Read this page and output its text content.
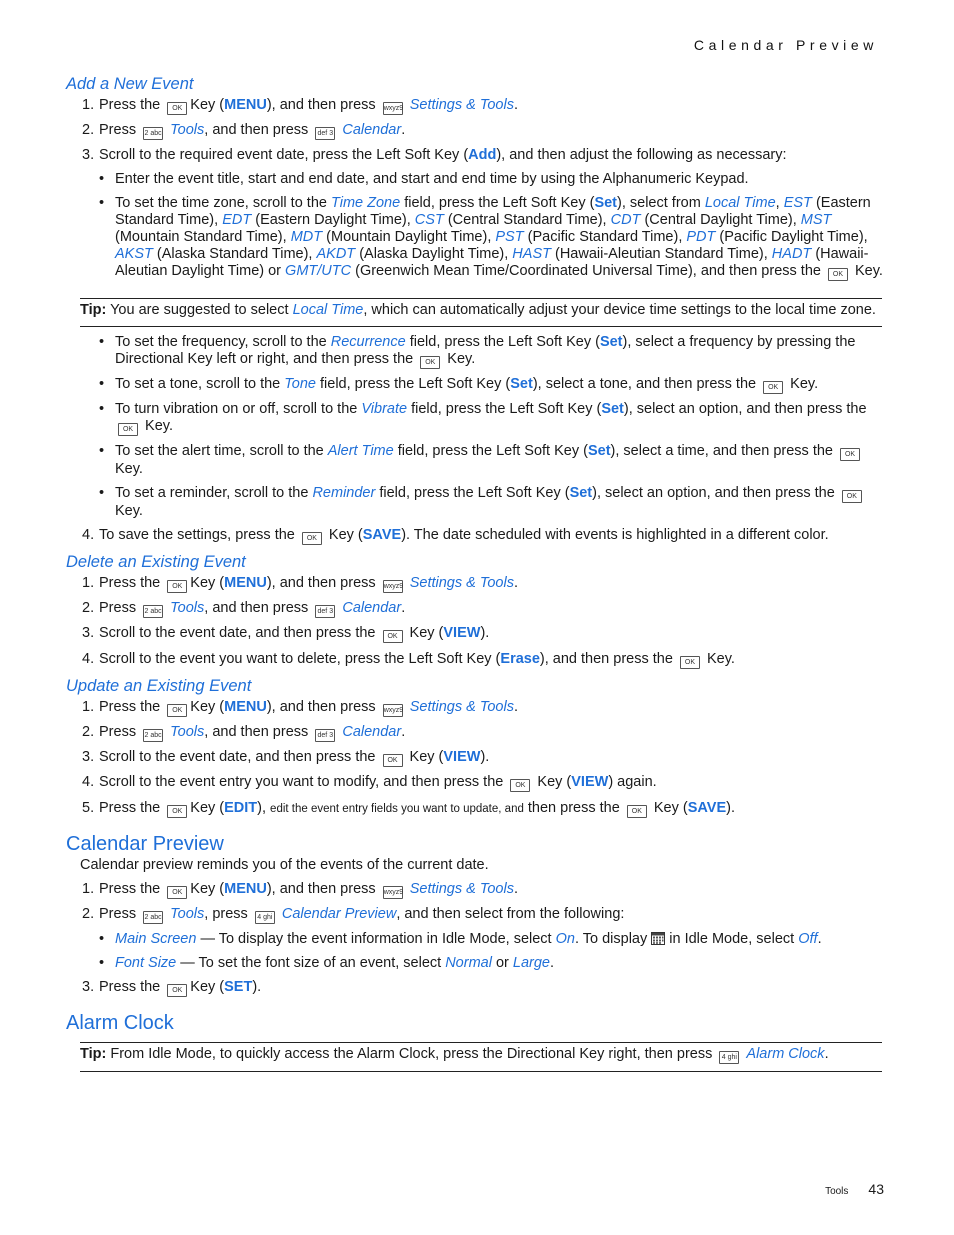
Calendar Preview

Add a New Event

1. Press the OK Key (MENU), and then press wxyz9 Settings & Tools.

2. Press 2 abc Tools, and then press def 3 Calendar.

3. Scroll to the required event date, press the Left Soft Key (Add), and then adjust the following as necessary:

• Enter the event title, start and end date, and start and end time by using the Alphanumeric Keypad.

• To set the time zone, scroll to the Time Zone field, press the Left Soft Key (Set), select from Local Time, EST (Eastern Standard Time), EDT (Eastern Daylight Time), CST (Central Standard Time), CDT (Central Daylight Time), MST (Mountain Standard Time), MDT (Mountain Daylight Time), PST (Pacific Standard Time), PDT (Pacific Daylight Time), AKST (Alaska Standard Time), AKDT (Alaska Daylight Time), HAST (Hawaii-Aleutian Standard Time), HADT (Hawaii-Aleutian Daylight Time) or GMT/UTC (Greenwich Mean Time/Coordinated Universal Time), and then press the OK Key.

Tip: You are suggested to select Local Time, which can automatically adjust your device time settings to the local time zone.

• To set the frequency, scroll to the Recurrence field, press the Left Soft Key (Set), select a frequency by pressing the Directional Key left or right, and then press the OK Key.

• To set a tone, scroll to the Tone field, press the Left Soft Key (Set), select a tone, and then press the OK Key.

• To turn vibration on or off, scroll to the Vibrate field, press the Left Soft Key (Set), select an option, and then press the OK Key.

• To set the alert time, scroll to the Alert Time field, press the Left Soft Key (Set), select a time, and then press the OK Key.

• To set a reminder, scroll to the Reminder field, press the Left Soft Key (Set), select an option, and then press the OK Key.

4. To save the settings, press the OK Key (SAVE). The date scheduled with events is highlighted in a different color.

Delete an Existing Event

1. Press the OK Key (MENU), and then press wxyz9 Settings & Tools.

2. Press 2 abc Tools, and then press def 3 Calendar.

3. Scroll to the event date, and then press the OK Key (VIEW).

4. Scroll to the event you want to delete, press the Left Soft Key (Erase), and then press the OK Key.

Update an Existing Event

1. Press the OK Key (MENU), and then press wxyz9 Settings & Tools.

2. Press 2 abc Tools, and then press def 3 Calendar.

3. Scroll to the event date, and then press the OK Key (VIEW).

4. Scroll to the event entry you want to modify, and then press the OK Key (VIEW) again.

5. Press the OK Key (EDIT), edit the event entry fields you want to update, and then press the OK Key (SAVE).

Calendar Preview

Calendar preview reminds you of the events of the current date.

1. Press the OK Key (MENU), and then press wxyz9 Settings & Tools.

2. Press 2 abc Tools, press 4 ghi Calendar Preview, and then select from the following:

• Main Screen — To display the event information in Idle Mode, select On. To display in Idle Mode, select Off.

• Font Size — To set the font size of an event, select Normal or Large.

3. Press the OK Key (SET).

Alarm Clock

Tip: From Idle Mode, to quickly access the Alarm Clock, press the Directional Key right, then press 4 ghi Alarm Clock.
Tools 43
